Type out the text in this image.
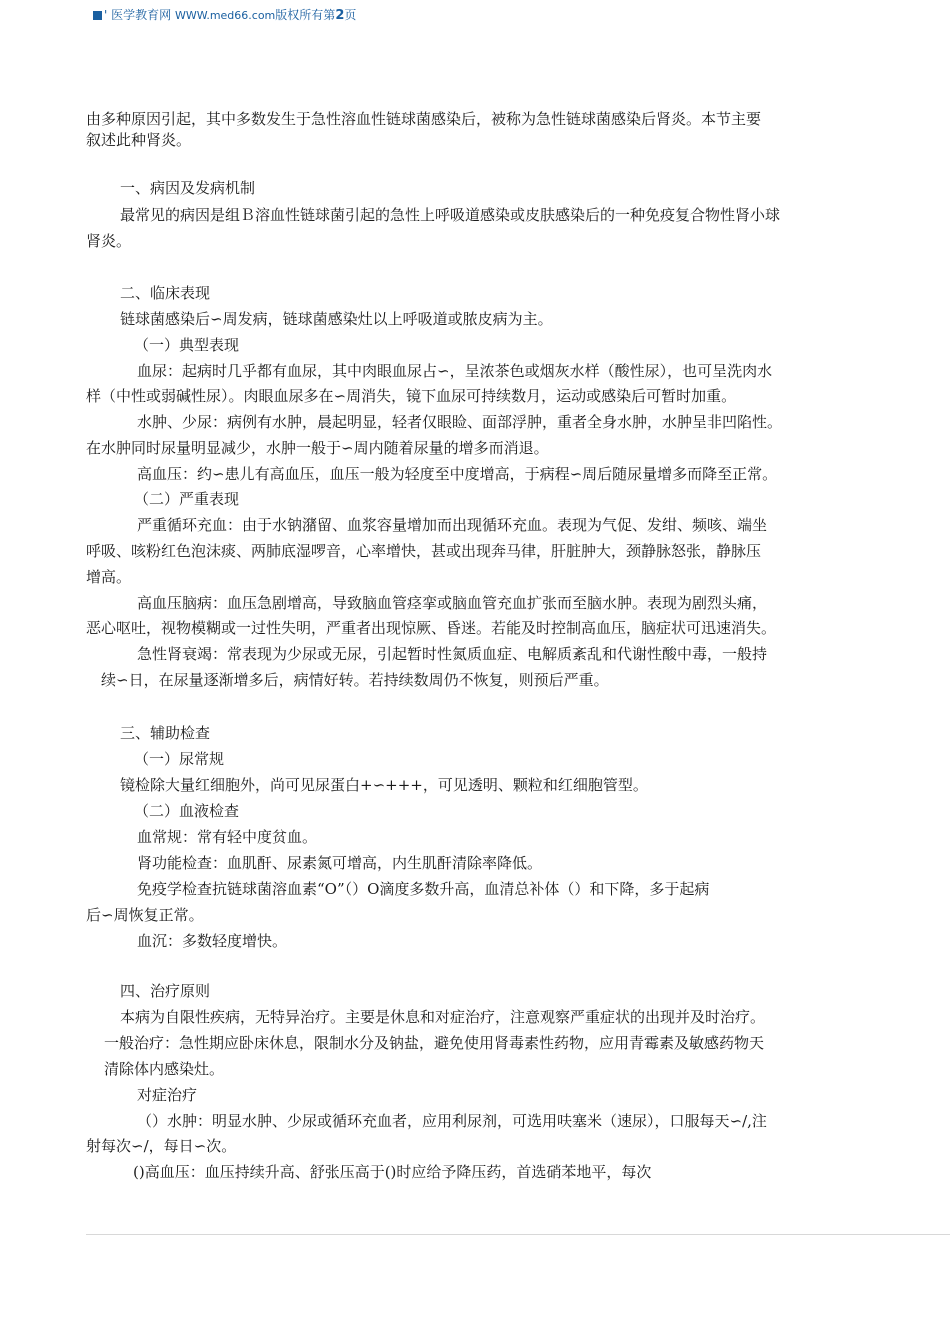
' 医学教育网 WWW.med66.com版权所有第2页
由多种原因引起，其中多数发生于急性溶血性链球菌感染后，被称为急性链球菌感染后肾炎。本节主要
叙述此种肾炎。
一、病因及发病机制
最常见的病因是组Ｂ溶血性链球菌引起的急性上呼吸道感染或皮肤感染后的一种免疫复合物性肾小球
肾炎。
二、临床表现
链球菌感染后∽周发病，链球菌感染灶以上呼吸道或脓皮病为主。
（一）典型表现
血尿：起病时几乎都有血尿，其中肉眼血尿占∽，呈浓茶色或烟灰水样（酸性尿），也可呈洗肉水
样（中性或弱碱性尿）。肉眼血尿多在∽周消失，镜下血尿可持续数月，运动或感染后可暂时加重。
水肿、少尿：病例有水肿，晨起明显，轻者仅眼睑、面部浮肿，重者全身水肿，水肿呈非凹陷性。
在水肿同时尿量明显减少，水肿一般于∽周内随着尿量的增多而消退。
高血压：约∽患儿有高血压，血压一般为轻度至中度增高，于病程∽周后随尿量增多而降至正常。
（二）严重表现
严重循环充血：由于水钠潴留、血浆容量增加而出现循环充血。表现为气促、发绀、频咳、端坐
呼吸、咳粉红色泡沫痰、两肺底湿啰音，心率增快，甚或出现奔马律，肝脏肿大，颈静脉怒张，静脉压
增高。
高血压脑病：血压急剧增高，导致脑血管痉挛或脑血管充血扩张而至脑水肿。表现为剧烈头痛，
恶心呕吐，视物模糊或一过性失明，严重者出现惊厥、昏迷。若能及时控制高血压，脑症状可迅速消失。
急性肾衰竭：常表现为少尿或无尿，引起暂时性氮质血症、电解质紊乱和代谢性酸中毒，一般持
续∽日，在尿量逐渐增多后，病情好转。若持续数周仍不恢复，则预后严重。
三、辅助检查
（一）尿常规
镜检除大量红细胞外，尚可见尿蛋白+∽+++，可见透明、颗粒和红细胞管型。
（二）血液检查
血常规：常有轻中度贫血。
肾功能检查：血肌酐、尿素氮可增高，内生肌酐清除率降低。
免疫学检查抗链球菌溶血素“O”（）O滴度多数升高，血清总补体（）和下降，多于起病
后∽周恢复正常。
血沉：多数轻度增快。
四、治疗原则
本病为自限性疾病，无特异治疗。主要是休息和对症治疗，注意观察严重症状的出现并及时治疗。
一般治疗：急性期应卧床休息，限制水分及钠盐，避免使用肾毒素性药物，应用青霉素及敏感药物天
清除体内感染灶。
对症治疗
（）水肿：明显水肿、少尿或循环充血者，应用利尿剂，可选用呋塞米（速尿），口服每天∽/,注
射每次∽/，每日∽次。
()高血压：血压持续升高、舒张压高于()时应给予降压药，首选硝苯地平，每次
